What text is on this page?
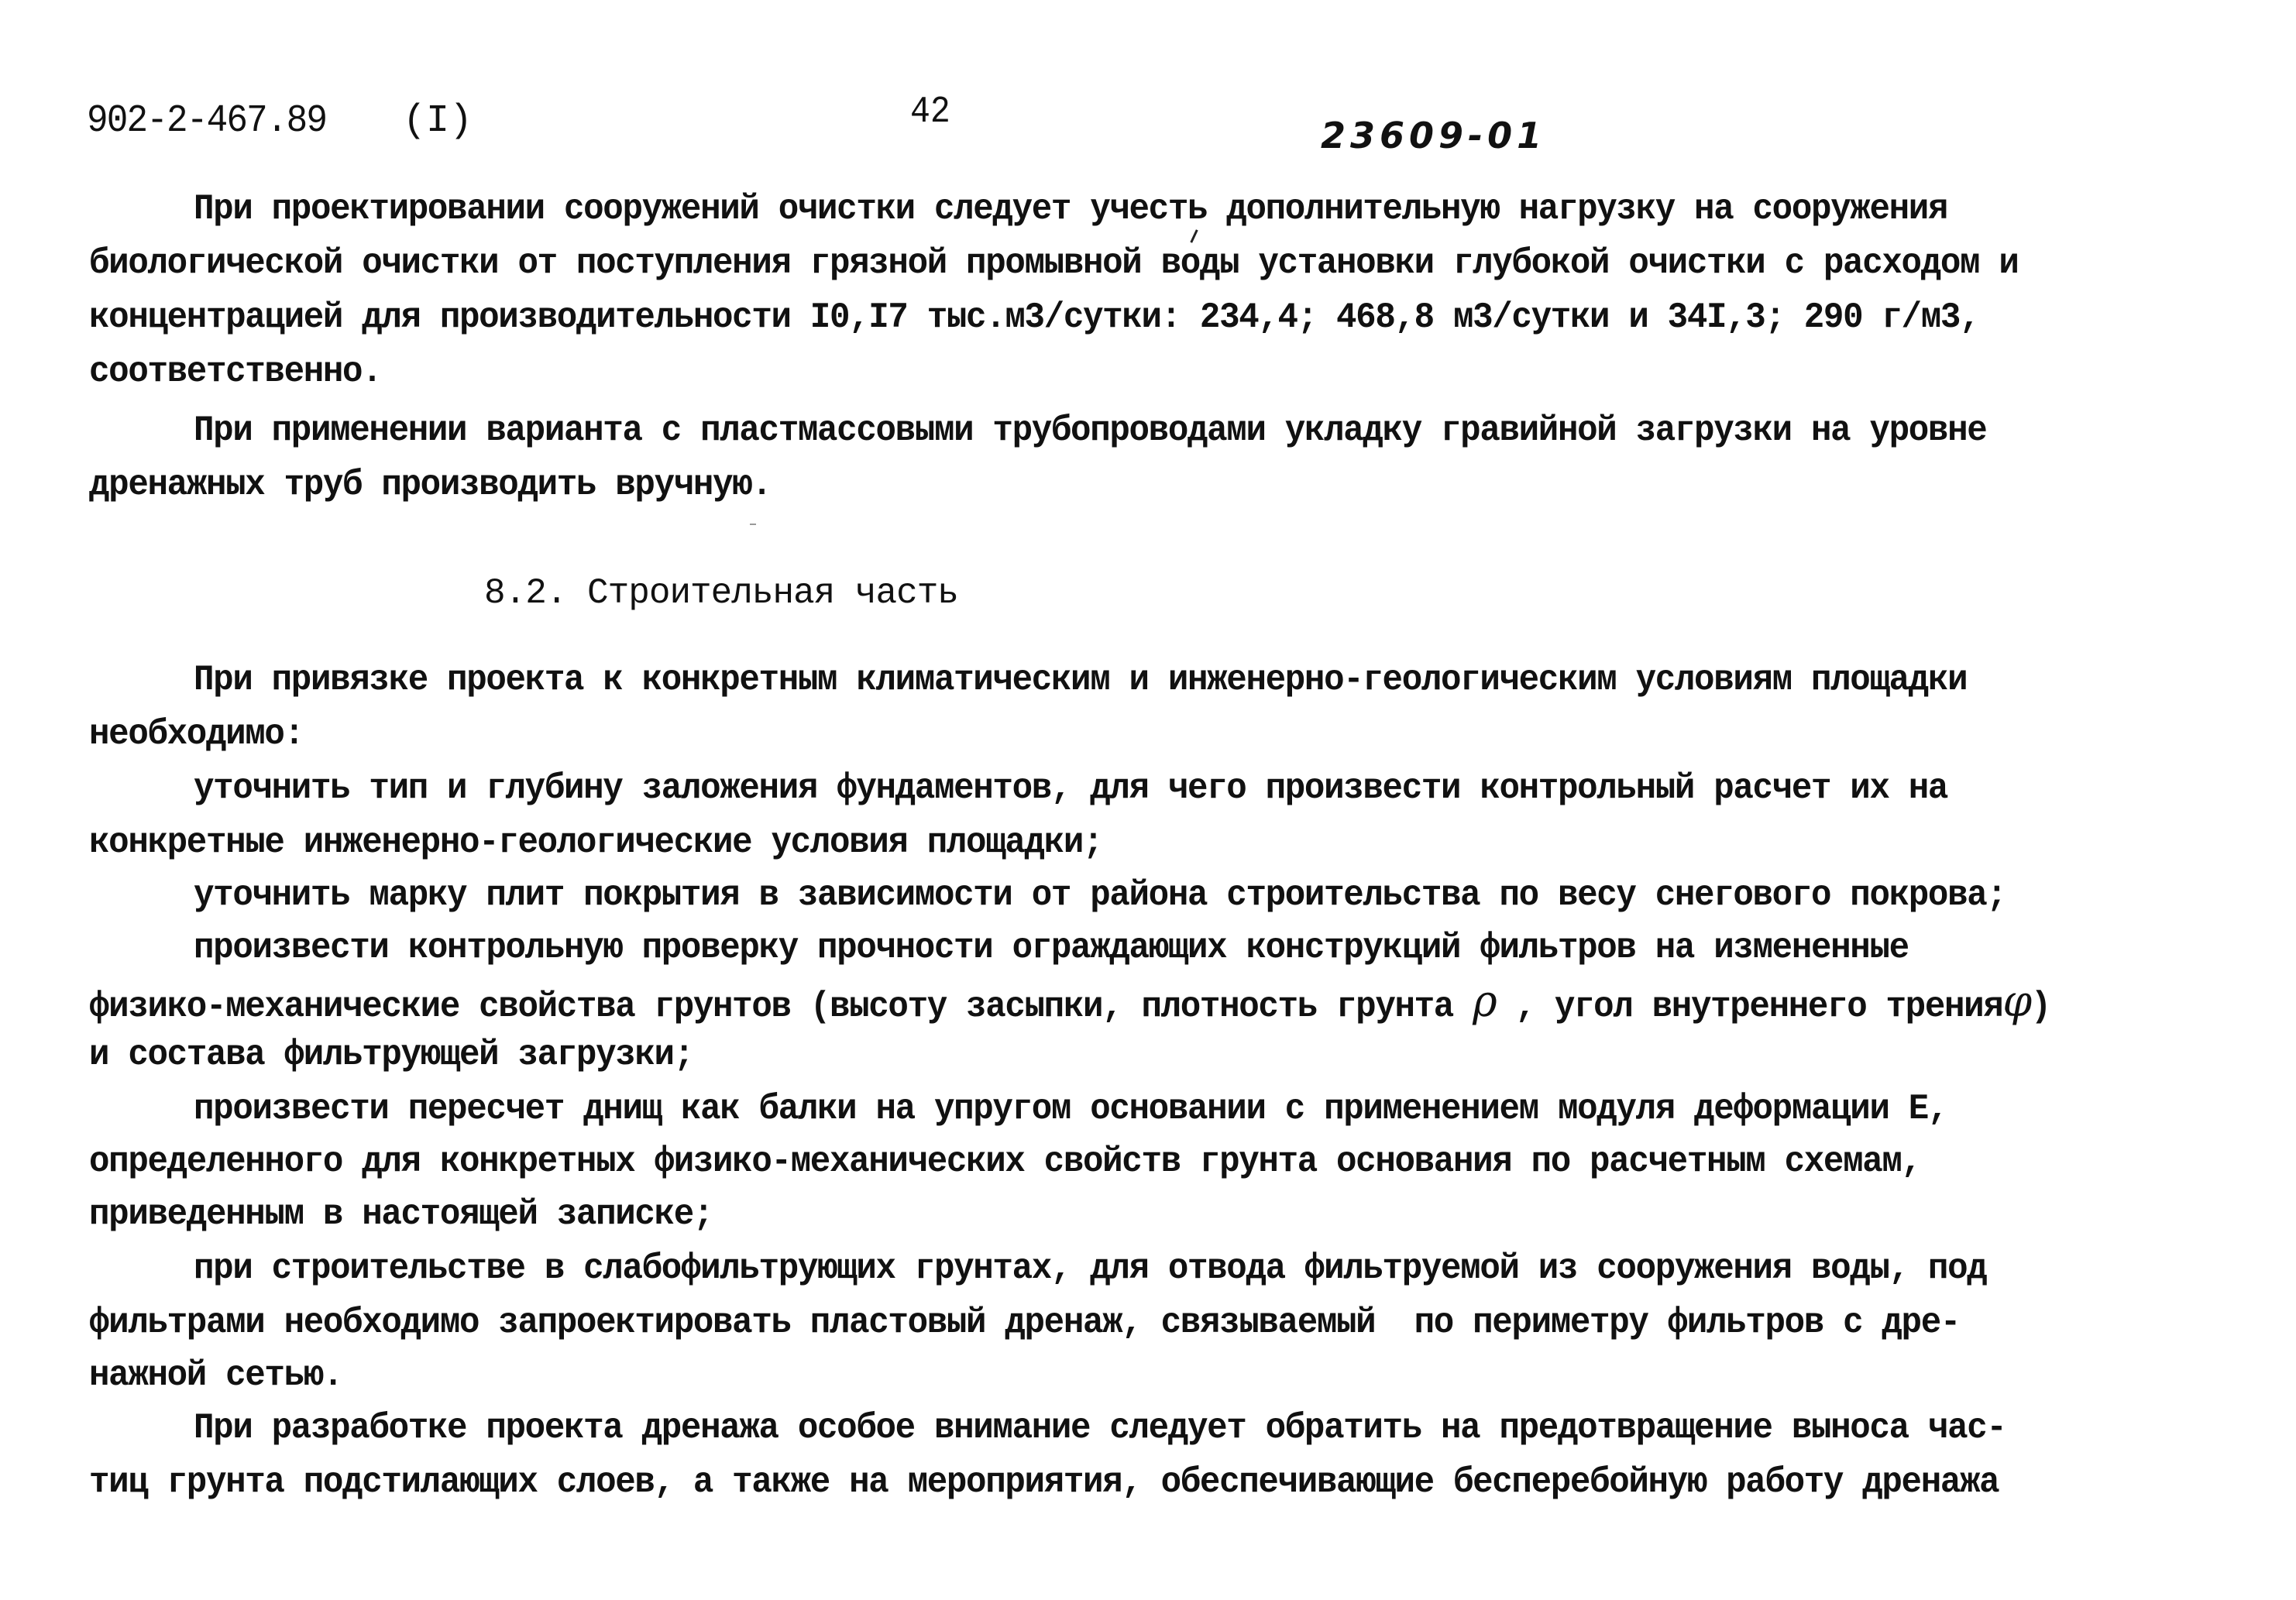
902-2-467.89 (I)	42
23609-01
При проектировании сооружений очистки следует учесть дополнительную нагрузку на сооружения
биологической очистки от поступления грязной промывной воды установки глубокой очистки с расходом и
концентрацией для производительности I0,I7 тыс.м3/сутки: 234,4; 468,8 м3/сутки и 34I,3; 290 г/м3,
соответственно.
При применении варианта с пластмассовыми трубопроводами укладку гравийной загрузки на уровне
дренажных труб производить вручную.
8.2. Строительная часть
При привязке проекта к конкретным климатическим и инженерно-геологическим условиям площадки
необходимо:
уточнить тип и глубину заложения фундаментов, для чего произвести контрольный расчет их на
конкретные инженерно-геологические условия площадки;
уточнить марку плит покрытия в зависимости от района строительства по весу снегового покрова;
произвести контрольную проверку прочности ограждающих конструкций фильтров на измененные
физико-механические свойства грунтов (высоту засыпки, плотность грунта ρ , угол внутреннего тренияφ)
и состава фильтрующей загрузки;
произвести пересчет днищ как балки на упругом основании с применением модуля деформации E,
определенного для конкретных физико-механических свойств грунта основания по расчетным схемам,
приведенным в настоящей записке;
при строительстве в слабофильтрующих грунтах, для отвода фильтруемой из сооружения воды, под
фильтрами необходимо запроектировать пластовый дренаж, связываемый  по периметру фильтров с дре-
нажной сетью.
При разработке проекта дренажа особое внимание следует обратить на предотвращение выноса час-
тиц грунта подстилающих слоев, а также на мероприятия, обеспечивающие бесперебойную работу дренажа
